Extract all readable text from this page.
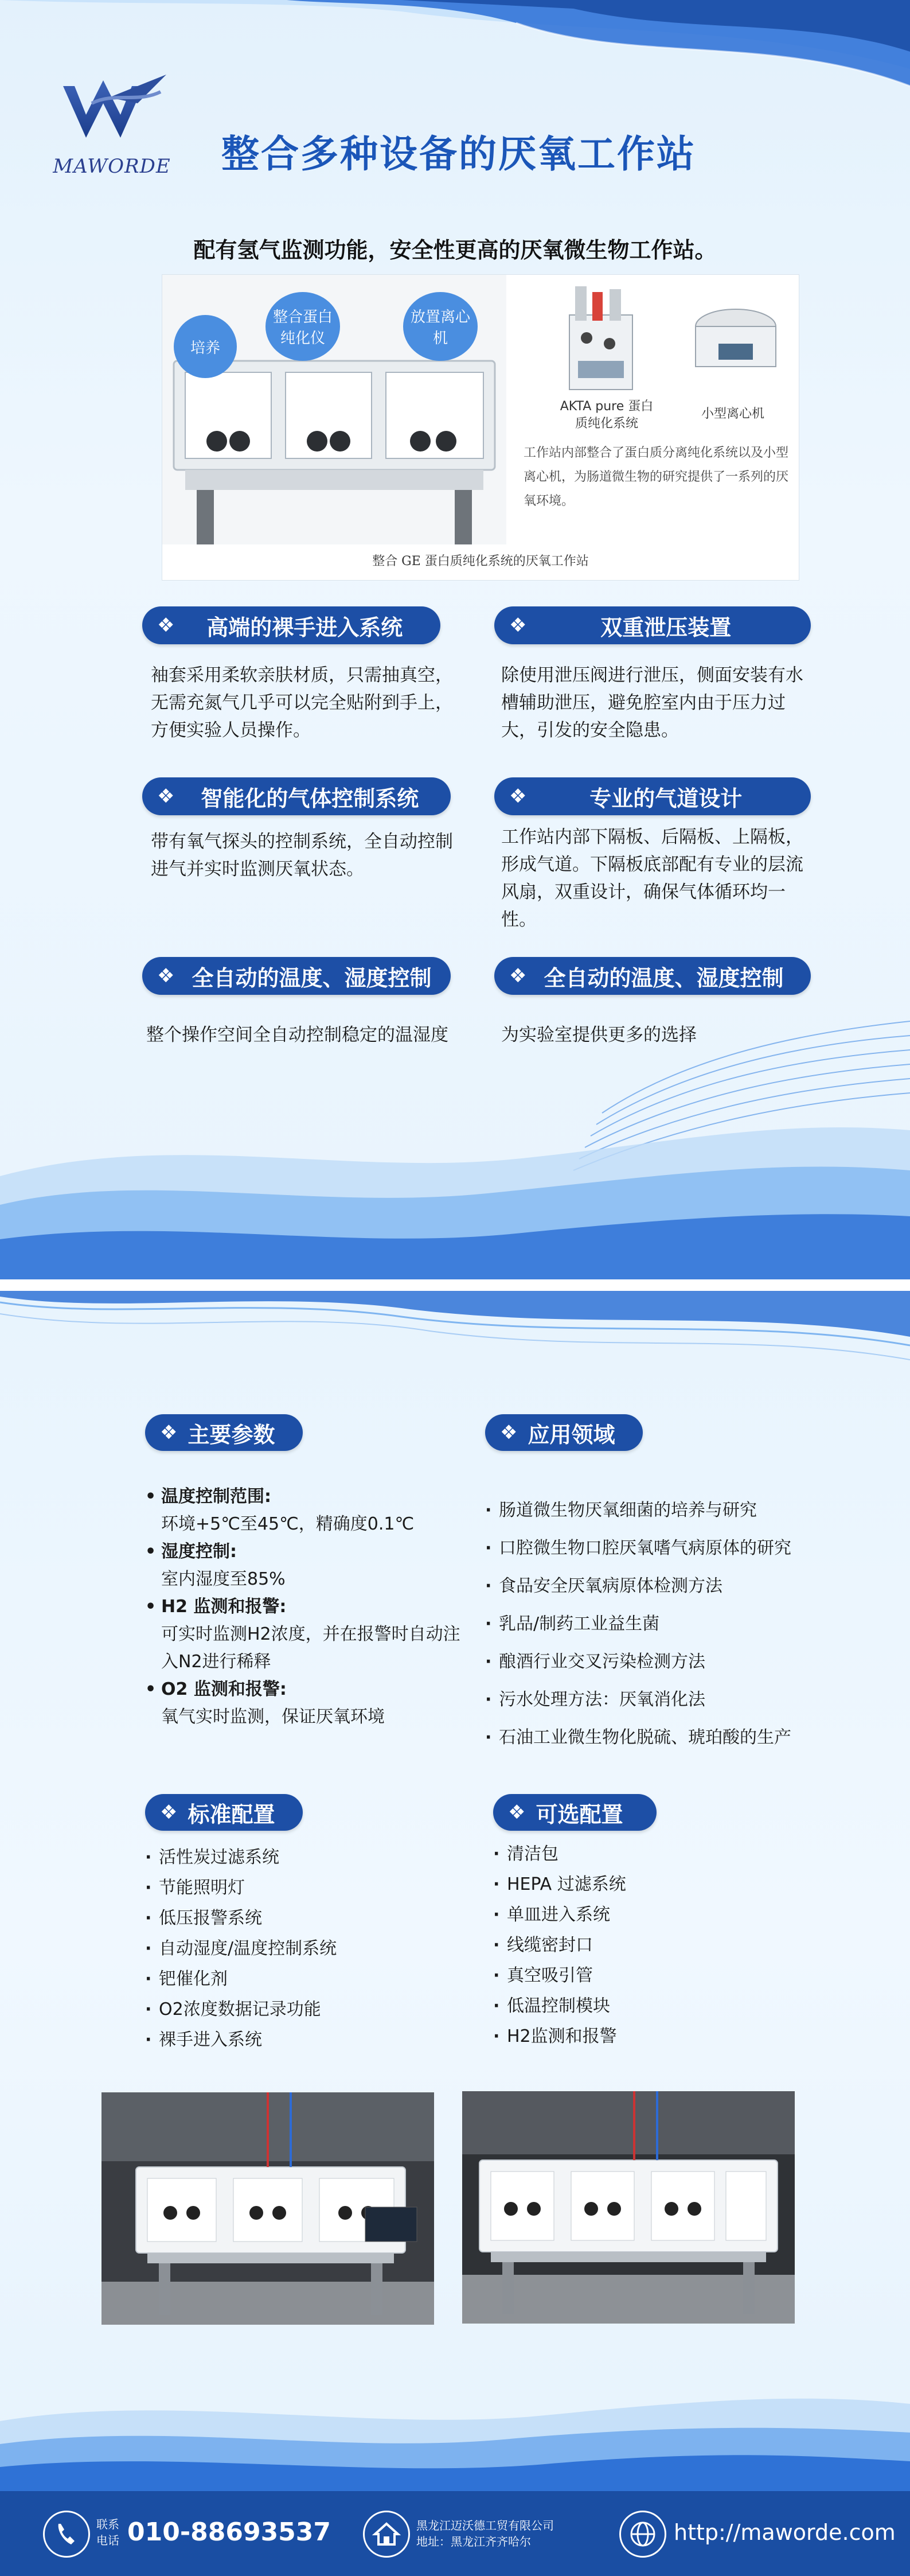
MAWORDE	整合多种设备的厌氧工作站
配有氢气监测功能，安全性更高的厌氧微生物工作站。
培养
整合蛋白纯化仪
放置离心机
AKTA pure 蛋白质纯化系统
小型离心机
工作站内部整合了蛋白质分离纯化系统以及小型离心机，为肠道微生物的研究提供了一系列的厌氧环境。
整合 GE 蛋白质纯化系统的厌氧工作站
❖	高端的裸手进入系统
袖套采用柔软亲肤材质，只需抽真空，无需充氮气几乎可以完全贴附到手上，方便实验人员操作。
❖	双重泄压装置
除使用泄压阀进行泄压，侧面安装有水槽辅助泄压，避免腔室内由于压力过大，引发的安全隐患。
❖	智能化的气体控制系统
带有氧气探头的控制系统，全自动控制进气并实时监测厌氧状态。
❖	专业的气道设计
工作站内部下隔板、后隔板、上隔板，形成气道。下隔板底部配有专业的层流风扇，双重设计，确保气体循环均一性。
❖ 全自动的温度、湿度控制
整个操作空间全自动控制稳定的温湿度
❖ 全自动的温度、湿度控制
为实验室提供更多的选择
❖ 主要参数
• 温度控制范围:
环境+5℃至45℃，精确度0.1℃
• 湿度控制:
室内湿度至85%
• H2 监测和报警:
可实时监测H2浓度，并在报警时自动注入N2进行稀释
• O2 监测和报警:
氧气实时监测，保证厌氧环境
❖ 应用领域
· 肠道微生物厌氧细菌的培养与研究
· 口腔微生物口腔厌氧嗜气病原体的研究
· 食品安全厌氧病原体检测方法
· 乳品/制药工业益生菌
· 酿酒行业交叉污染检测方法
· 污水处理方法：厌氧消化法
· 石油工业微生物化脱硫、琥珀酸的生产
❖ 标准配置
· 活性炭过滤系统
· 节能照明灯
· 低压报警系统
· 自动湿度/温度控制系统
· 钯催化剂
· O2浓度数据记录功能
· 裸手进入系统
❖ 可选配置
· 清洁包
· HEPA 过滤系统
· 单皿进入系统
· 线缆密封口
· 真空吸引管
· 低温控制模块
· H2监测和报警
联系
电话 010-88693537	黑龙江迈沃德工贸有限公司
地址：黑龙江齐齐哈尔	http://maworde.com
